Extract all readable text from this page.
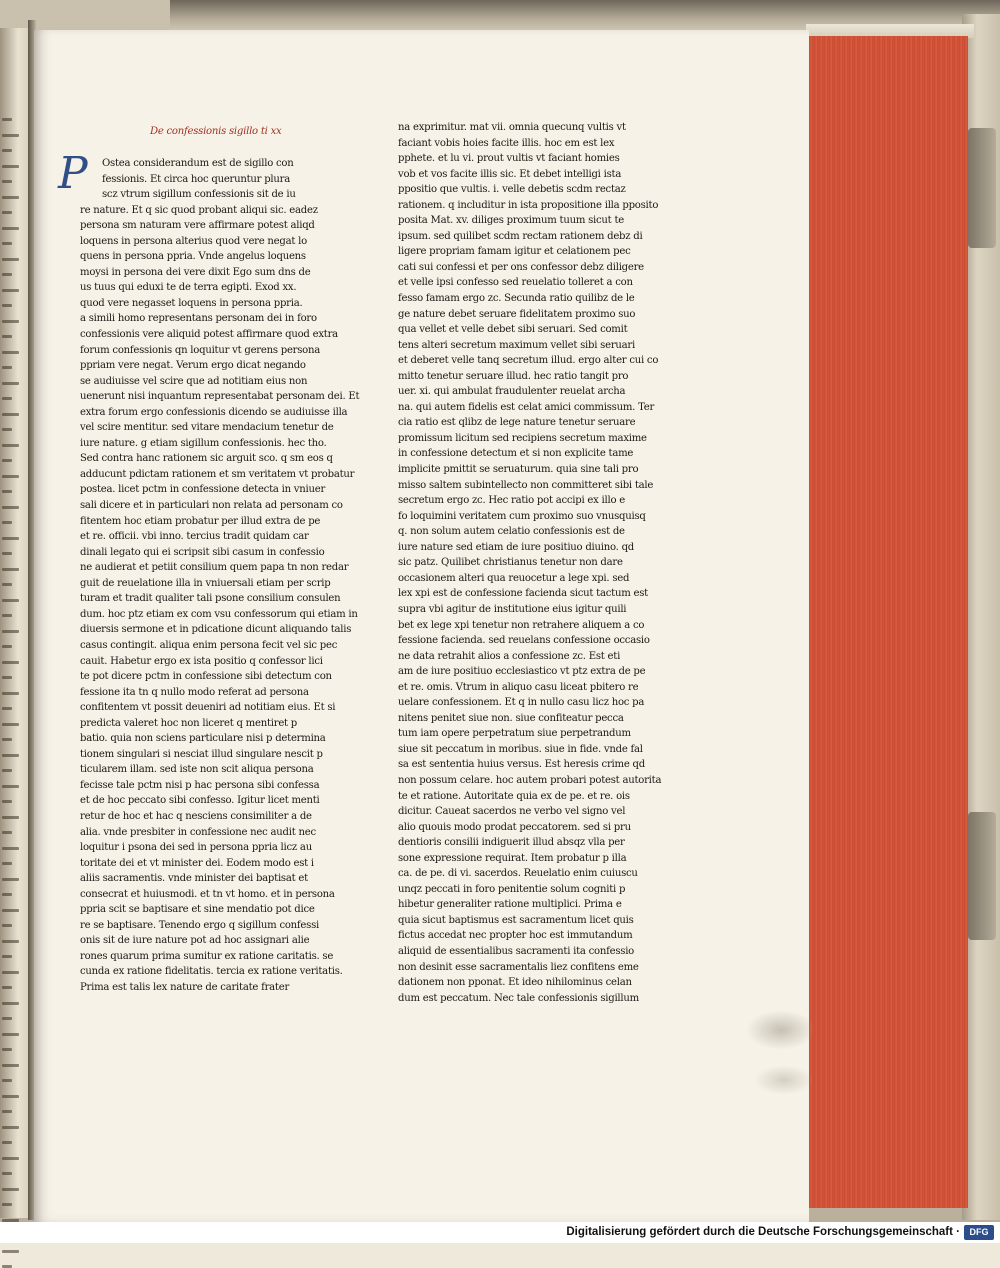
De confessionis sigillo ti xx
P	Ostea considerandum est de sigillo con
fessionis. Et circa hoc queruntur plura
scz vtrum sigillum confessionis sit de iu
re nature. Et q sic quod probant aliqui sic. eadez
persona sm naturam vere affirmare potest aliqd
loquens in persona alterius quod vere negat lo
quens in persona ppria. Vnde angelus loquens
moysi in persona dei vere dixit Ego sum dns de
us tuus qui eduxi te de terra egipti. Exod xx.
quod vere negasset loquens in persona ppria.
a simili homo representans personam dei in foro
confessionis vere aliquid potest affirmare quod extra
forum confessionis qn loquitur vt gerens persona
ppriam vere negat. Verum ergo dicat negando
se audiuisse vel scire que ad notitiam eius non
uenerunt nisi inquantum representabat personam dei. Et
extra forum ergo confessionis dicendo se audiuisse illa
vel scire mentitur. sed vitare mendacium tenetur de
iure nature. g etiam sigillum confessionis. hec tho.
Sed contra hanc rationem sic arguit sco. q sm eos q
adducunt pdictam rationem et sm veritatem vt probatur
postea. licet pctm in confessione detecta in vniuer
sali dicere et in particulari non relata ad personam co
fitentem hoc etiam probatur per illud extra de pe
et re. officii. vbi inno. tercius tradit quidam car
dinali legato qui ei scripsit sibi casum in confessio
ne audierat et petiit consilium quem papa tn non redar
guit de reuelatione illa in vniuersali etiam per scrip
turam et tradit qualiter tali psone consilium consulen
dum. hoc ptz etiam ex com vsu confessorum qui etiam in
diuersis sermone et in pdicatione dicunt aliquando talis
casus contingit. aliqua enim persona fecit vel sic pec
cauit. Habetur ergo ex ista positio q confessor lici
te pot dicere pctm in confessione sibi detectum con
fessione ita tn q nullo modo referat ad persona
confitentem vt possit deueniri ad notitiam eius. Et si
predicta valeret hoc non liceret q mentiret p
batio. quia non sciens particulare nisi p determina
tionem singulari si nesciat illud singulare nescit p
ticularem illam. sed iste non scit aliqua persona
fecisse tale pctm nisi p hac persona sibi confessa
et de hoc peccato sibi confesso. Igitur licet menti
retur de hoc et hac q nesciens consimiliter a de
alia. vnde presbiter in confessione nec audit nec
loquitur i psona dei sed in persona ppria licz au
toritate dei et vt minister dei. Eodem modo est i
aliis sacramentis. vnde minister dei baptisat et
consecrat et huiusmodi. et tn vt homo. et in persona
ppria scit se baptisare et sine mendatio pot dice
re se baptisare. Tenendo ergo q sigillum confessi
onis sit de iure nature pot ad hoc assignari alie
rones quarum prima sumitur ex ratione caritatis. se
cunda ex ratione fidelitatis. tercia ex ratione veritatis.
Prima est talis lex nature de caritate frater
na exprimitur. mat vii. omnia quecunq vultis vt
faciant vobis hoies facite illis. hoc em est lex
pphete. et lu vi. prout vultis vt faciant homies
vob et vos facite illis sic. Et debet intelligi ista
ppositio que vultis. i. velle debetis scdm rectaz
rationem. q includitur in ista propositione illa pposito
posita Mat. xv. diliges proximum tuum sicut te
ipsum. sed quilibet scdm rectam rationem debz di
ligere propriam famam igitur et celationem pec
cati sui confessi et per ons confessor debz diligere
et velle ipsi confesso sed reuelatio tolleret a con
fesso famam ergo zc. Secunda ratio quilibz de le
ge nature debet seruare fidelitatem proximo suo
qua vellet et velle debet sibi seruari. Sed comit
tens alteri secretum maximum vellet sibi seruari
et deberet velle tanq secretum illud. ergo alter cui co
mitto tenetur seruare illud. hec ratio tangit pro
uer. xi. qui ambulat fraudulenter reuelat archa
na. qui autem fidelis est celat amici commissum. Ter
cia ratio est qlibz de lege nature tenetur seruare
promissum licitum sed recipiens secretum maxime
in confessione detectum et si non explicite tame
implicite pmittit se seruaturum. quia sine tali pro
misso saltem subintellecto non committeret sibi tale
secretum ergo zc. Hec ratio pot accipi ex illo e
fo loquimini veritatem cum proximo suo vnusquisq
q. non solum autem celatio confessionis est de
iure nature sed etiam de iure positiuo diuino. qd
sic patz. Quilibet christianus tenetur non dare
occasionem alteri qua reuocetur a lege xpi. sed
lex xpi est de confessione facienda sicut tactum est
supra vbi agitur de institutione eius igitur quili
bet ex lege xpi tenetur non retrahere aliquem a co
fessione facienda. sed reuelans confessione occasio
ne data retrahit alios a confessione zc. Est eti
am de iure positiuo ecclesiastico vt ptz extra de pe
et re. omis. Vtrum in aliquo casu liceat pbitero re
uelare confessionem. Et q in nullo casu licz hoc pa
nitens penitet siue non. siue confiteatur pecca
tum iam opere perpetratum siue perpetrandum
siue sit peccatum in moribus. siue in fide. vnde fal
sa est sententia huius versus. Est heresis crime qd
non possum celare. hoc autem probari potest autorita
te et ratione. Autoritate quia ex de pe. et re. ois
dicitur. Caueat sacerdos ne verbo vel signo vel
alio quouis modo prodat peccatorem. sed si pru
dentioris consilii indiguerit illud absqz vlla per
sone expressione requirat. Item probatur p illa
ca. de pe. di vi. sacerdos. Reuelatio enim cuiuscu
unqz peccati in foro penitentie solum cogniti p
hibetur generaliter ratione multiplici. Prima e
quia sicut baptismus est sacramentum licet quis
fictus accedat nec propter hoc est immutandum
aliquid de essentialibus sacramenti ita confessio
non desinit esse sacramentalis liez confitens eme
dationem non pponat. Et ideo nihilominus celan
dum est peccatum. Nec tale confessionis sigillum
Digitalisierung gefördert durch die Deutsche Forschungsgemeinschaft ·	DFG
